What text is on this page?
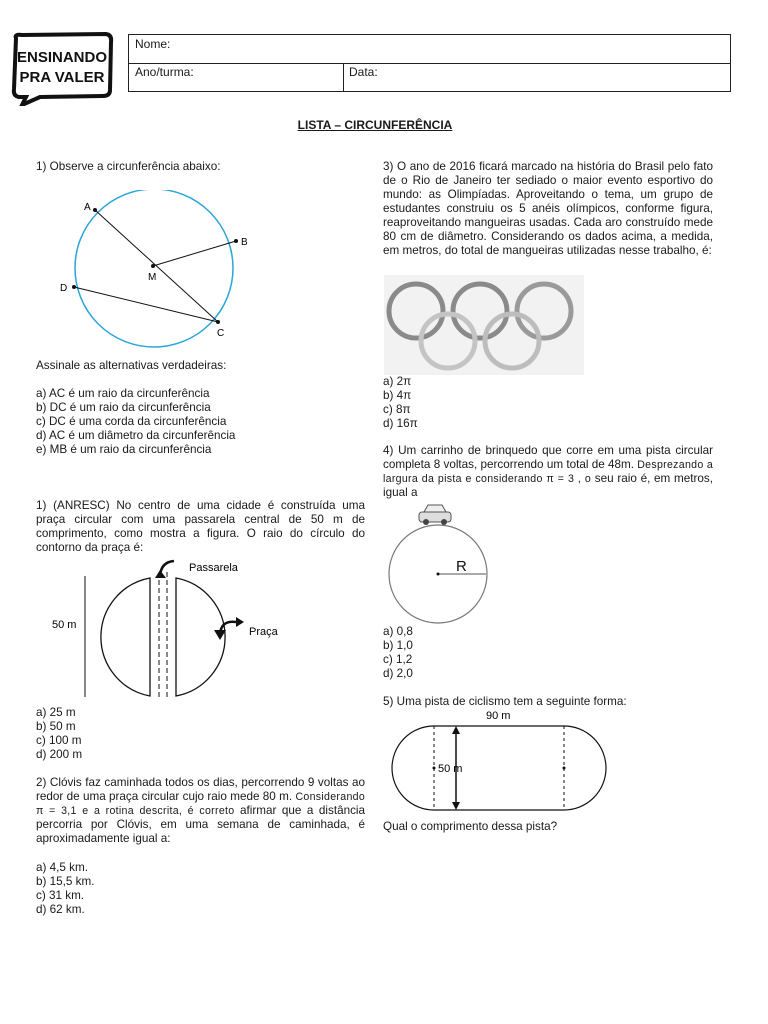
ENSINANDO
PRA VALER
Nome:
Ano/turma:	Data:
LISTA – CIRCUNFERÊNCIA

1) Observe a circunferência abaixo:

A
B
M
D
C

Assinale as alternativas verdadeiras:

a) AC é um raio da circunferência

b) DC é um raio da circunferência

c) DC é uma corda da circunferência

d) AC é um diâmetro da circunferência

e) MB é um raio da circunferência

1) (ANRESC) No centro de uma cidade é construída uma praça circular com uma passarela central de 50 m de comprimento, como mostra a figura. O raio do círculo do contorno da praça é:

50 m
Passarela
Praça

a) 25 m

b) 50 m

c) 100 m

d) 200 m

2) Clóvis faz caminhada todos os dias, percorrendo 9 voltas ao redor de uma praça circular cujo raio mede 80 m. Considerando π = 3,1 e a rotina descrita, é correto afirmar que a distância percorria por Clóvis, em uma semana de caminhada, é aproximadamente igual a:

a) 4,5 km.

b) 15,5 km.

c) 31 km.

d) 62 km.

3) O ano de 2016 ficará marcado na história do Brasil pelo fato de o Rio de Janeiro ter sediado o maior evento esportivo do mundo: as Olimpíadas. Aproveitando o tema, um grupo de estudantes construiu os 5 anéis olímpicos, conforme figura, reaproveitando mangueiras usadas. Cada aro construído mede 80 cm de diâmetro. Considerando os dados acima, a medida, em metros, do total de mangueiras utilizadas nesse trabalho, é:

a) 2π

b) 4π

c) 8π

d) 16π

4) Um carrinho de brinquedo que corre em uma pista circular completa 8 voltas, percorrendo um total de 48m. Desprezando a largura da pista e considerando π = 3 , o seu raio é, em metros, igual a
R

a) 0,8

b) 1,0

c) 1,2

d) 2,0

5) Uma pista de ciclismo tem a seguinte forma:

90 m
50 m

Qual o comprimento dessa pista?
